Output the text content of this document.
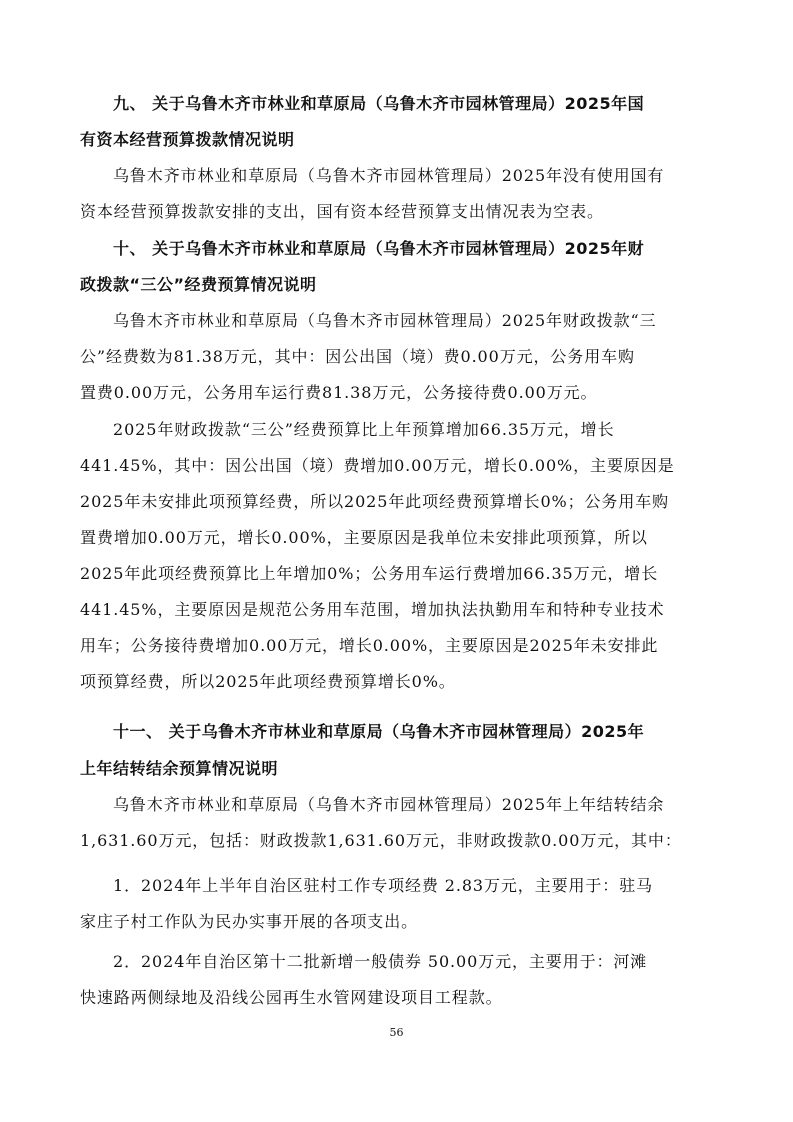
九、 关于乌鲁木齐市林业和草原局（乌鲁木齐市园林管理局）2025年国
有资本经营预算拨款情况说明
乌鲁木齐市林业和草原局（乌鲁木齐市园林管理局）2025年没有使用国有
资本经营预算拨款安排的支出，国有资本经营预算支出情况表为空表。
十、 关于乌鲁木齐市林业和草原局（乌鲁木齐市园林管理局）2025年财
政拨款“三公”经费预算情况说明
乌鲁木齐市林业和草原局（乌鲁木齐市园林管理局）2025年财政拨款“三
公”经费数为81.38万元，其中：因公出国（境）费0.00万元，公务用车购
置费0.00万元，公务用车运行费81.38万元，公务接待费0.00万元。
2025年财政拨款“三公”经费预算比上年预算增加66.35万元，增长
441.45%，其中：因公出国（境）费增加0.00万元，增长0.00%，主要原因是
2025年未安排此项预算经费，所以2025年此项经费预算增长0%；公务用车购
置费增加0.00万元，增长0.00%，主要原因是我单位未安排此项预算，所以
2025年此项经费预算比上年增加0%；公务用车运行费增加66.35万元，增长
441.45%，主要原因是规范公务用车范围，增加执法执勤用车和特种专业技术
用车；公务接待费增加0.00万元，增长0.00%，主要原因是2025年未安排此
项预算经费，所以2025年此项经费预算增长0%。
十一、 关于乌鲁木齐市林业和草原局（乌鲁木齐市园林管理局）2025年
上年结转结余预算情况说明
乌鲁木齐市林业和草原局（乌鲁木齐市园林管理局）2025年上年结转结余
1,631.60万元，包括：财政拨款1,631.60万元，非财政拨款0.00万元，其中：
1．2024年上半年自治区驻村工作专项经费 2.83万元，主要用于：驻马
家庄子村工作队为民办实事开展的各项支出。
2．2024年自治区第十二批新增一般债券 50.00万元，主要用于：河滩
快速路两侧绿地及沿线公园再生水管网建设项目工程款。
56
